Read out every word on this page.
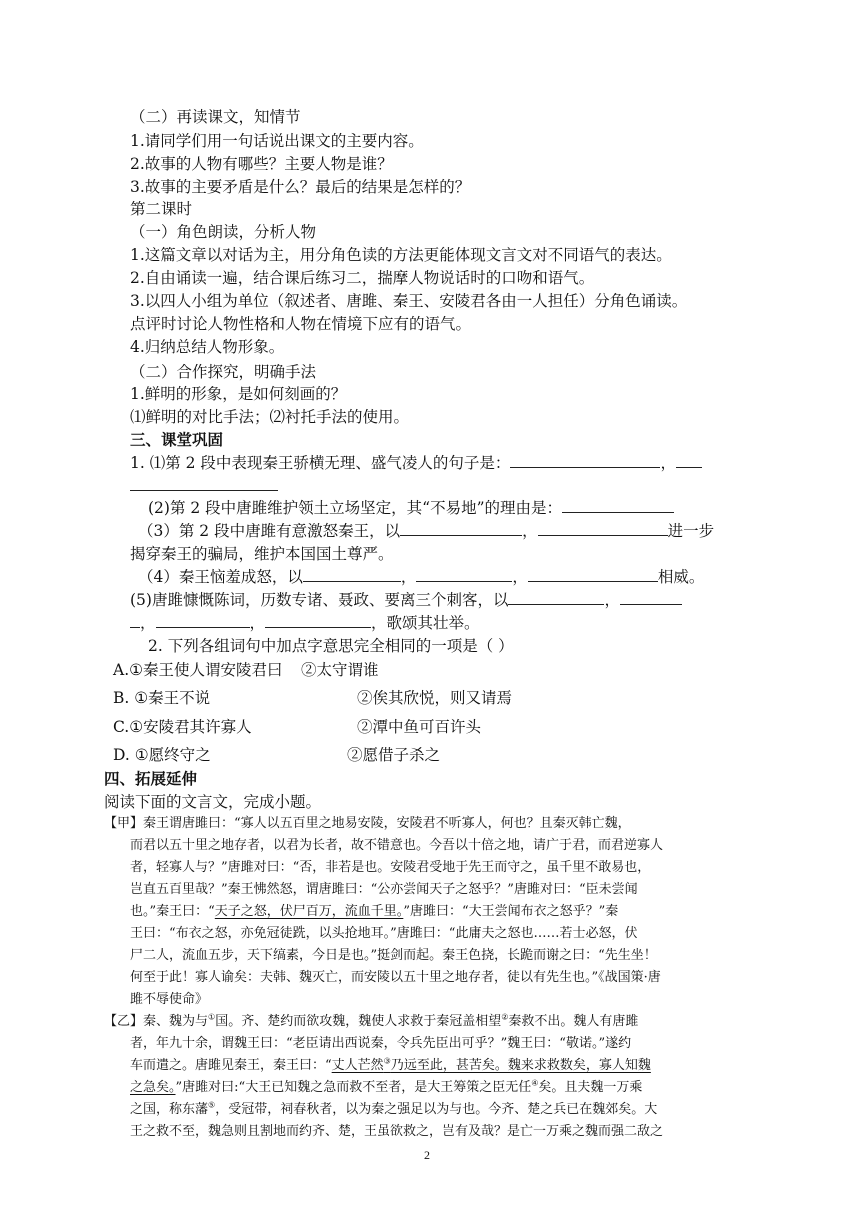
（二）再读课文，知情节
1.请同学们用一句话说出课文的主要内容。
2.故事的人物有哪些？主要人物是谁？
3.故事的主要矛盾是什么？最后的结果是怎样的？
第二课时
（一）角色朗读，分析人物
1.这篇文章以对话为主，用分角色读的方法更能体现文言文对不同语气的表达。
2.自由诵读一遍，结合课后练习二，揣摩人物说话时的口吻和语气。
3.以四人小组为单位（叙述者、唐雎、秦王、安陵君各由一人担任）分角色诵读。
点评时讨论人物性格和人物在情境下应有的语气。
4.归纳总结人物形象。
（二）合作探究，明确手法
1.鲜明的形象，是如何刻画的？
⑴鲜明的对比手法；⑵衬托手法的使用。
三、课堂巩固
1. ⑴第 2 段中表现秦王骄横无理、盛气凌人的句子是：	，
(2)第 2 段中唐雎维护领土立场坚定，其“不易地”的理由是：
（3）第 2 段中唐雎有意激怒秦王，以	，	进一步
揭穿秦王的骗局，维护本国国土尊严。
（4）秦王恼羞成怒，以	，	，	相威。
(5)唐雎慷慨陈词，历数专诸、聂政、要离三个刺客，以	，
，	，	，歌颂其壮举。
2. 下列各组词句中加点字意思完全相同的一项是（ ）
A.①秦王使人谓安陵君曰 ②太守谓谁
B. ①秦王不说	②俟其欣悦，则又请焉
C.①安陵君其许寡人	②潭中鱼可百许头
D. ①愿终守之	②愿借子杀之
四、拓展延伸
阅读下面的文言文，完成小题。
【甲】秦王谓唐雎曰：“寡人以五百里之地易安陵，安陵君不听寡人，何也？且秦灭韩亡魏，
而君以五十里之地存者，以君为长者，故不错意也。今吾以十倍之地，请广于君，而君逆寡人
者，轻寡人与？”唐雎对曰：“否，非若是也。安陵君受地于先王而守之，虽千里不敢易也，
岂直五百里哉？”秦王怫然怒，谓唐雎曰：“公亦尝闻天子之怒乎？”唐雎对曰：“臣未尝闻
也。”秦王曰：“天子之怒，伏尸百万，流血千里。”唐雎曰：“大王尝闻布衣之怒乎？”秦
王曰：“布衣之怒，亦免冠徒跣，以头抢地耳。”唐雎曰：“此庸夫之怒也……若士必怒，伏
尸二人，流血五步，天下缟素，今日是也。”挺剑而起。秦王色挠，长跪而谢之曰：“先生坐！
何至于此！寡人谕矣：夫韩、魏灭亡，而安陵以五十里之地存者，徒以有先生也。”《战国策·唐
雎不辱使命》
【乙】秦、魏为与①国。齐、楚约而欲攻魏，魏使人求救于秦冠盖相望②秦救不出。魏人有唐雎
者，年九十余，谓魏王曰：“老臣请出西说秦，令兵先臣出可乎？”魏王曰：“敬诺。”遂约
车而遣之。唐雎见秦王，秦王曰：“丈人芒然③乃远至此，甚苦矣。魏来求救数矣，寡人知魏
之急矣。”唐雎对曰:“大王已知魏之急而救不至者，是大王筹策之臣无任④矣。且夫魏一万乘
之国，称东藩⑤，受冠带，祠春秋者，以为秦之强足以为与也。今齐、楚之兵已在魏郊矣。大
王之救不至，魏急则且割地而约齐、楚，王虽欲救之，岂有及哉？是亡一万乘之魏而强二敌之
2
